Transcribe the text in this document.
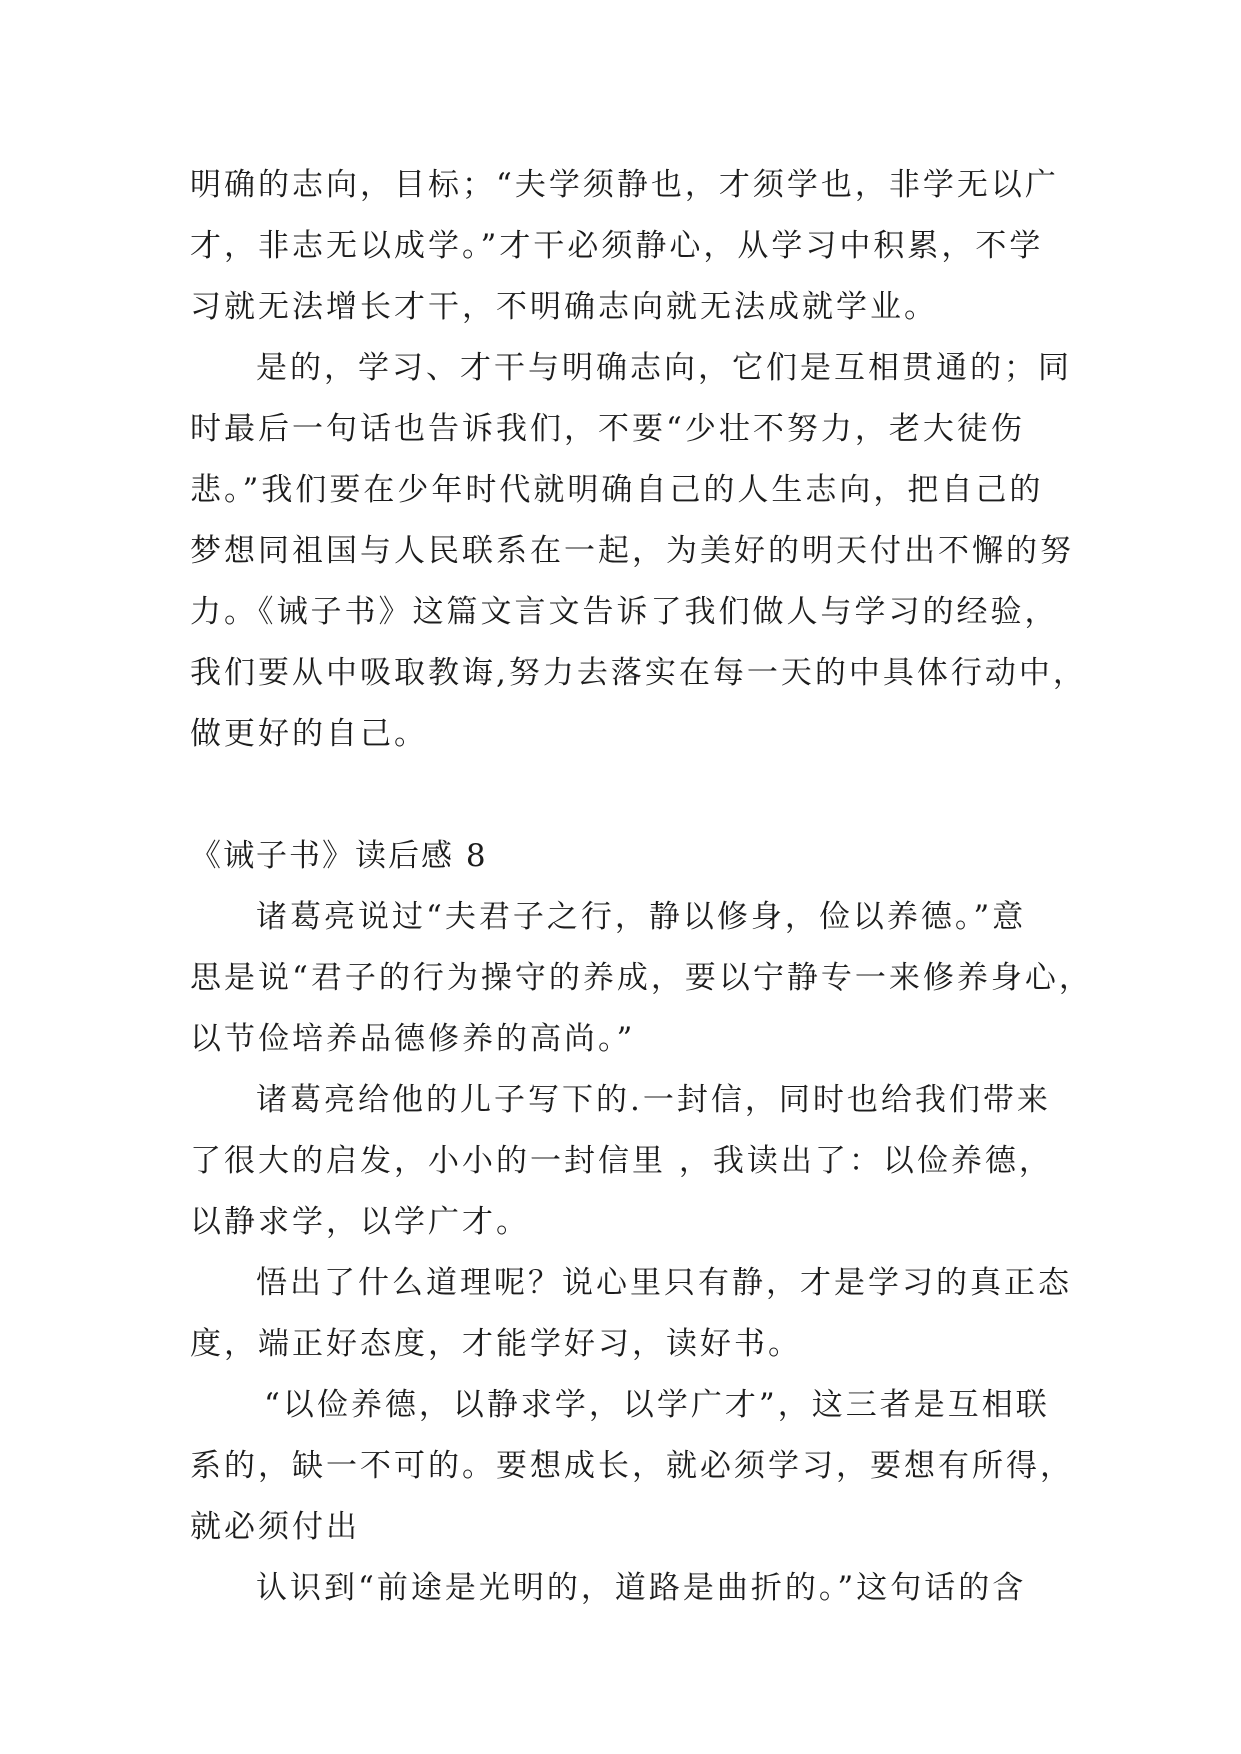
明确的志向，目标；“夫学须静也，才须学也，非学无以广
才，非志无以成学。”才干必须静心，从学习中积累，不学
习就无法增长才干，不明确志向就无法成就学业。
是的，学习、才干与明确志向，它们是互相贯通的；同
时最后一句话也告诉我们，不要“少壮不努力，老大徒伤
悲。”我们要在少年时代就明确自己的人生志向，把自己的
梦想同祖国与人民联系在一起，为美好的明天付出不懈的努
力。《诫子书》这篇文言文告诉了我们做人与学习的经验，
我们要从中吸取教诲,努力去落实在每一天的中具体行动中，
做更好的自己。
《诫子书》读后感 8
诸葛亮说过“夫君子之行，静以修身，俭以养德。”意
思是说“君子的行为操守的养成，要以宁静专一来修养身心，
以节俭培养品德修养的高尚。”
诸葛亮给他的儿子写下的.一封信，同时也给我们带来
了很大的启发，小小的一封信里 ，我读出了：以俭养德，
以静求学，以学广才。
悟出了什么道理呢？说心里只有静，才是学习的真正态
度，端正好态度，才能学好习，读好书。
“以俭养德，以静求学，以学广才”，这三者是互相联
系的，缺一不可的。要想成长，就必须学习，要想有所得，
就必须付出
认识到“前途是光明的，道路是曲折的。”这句话的含
